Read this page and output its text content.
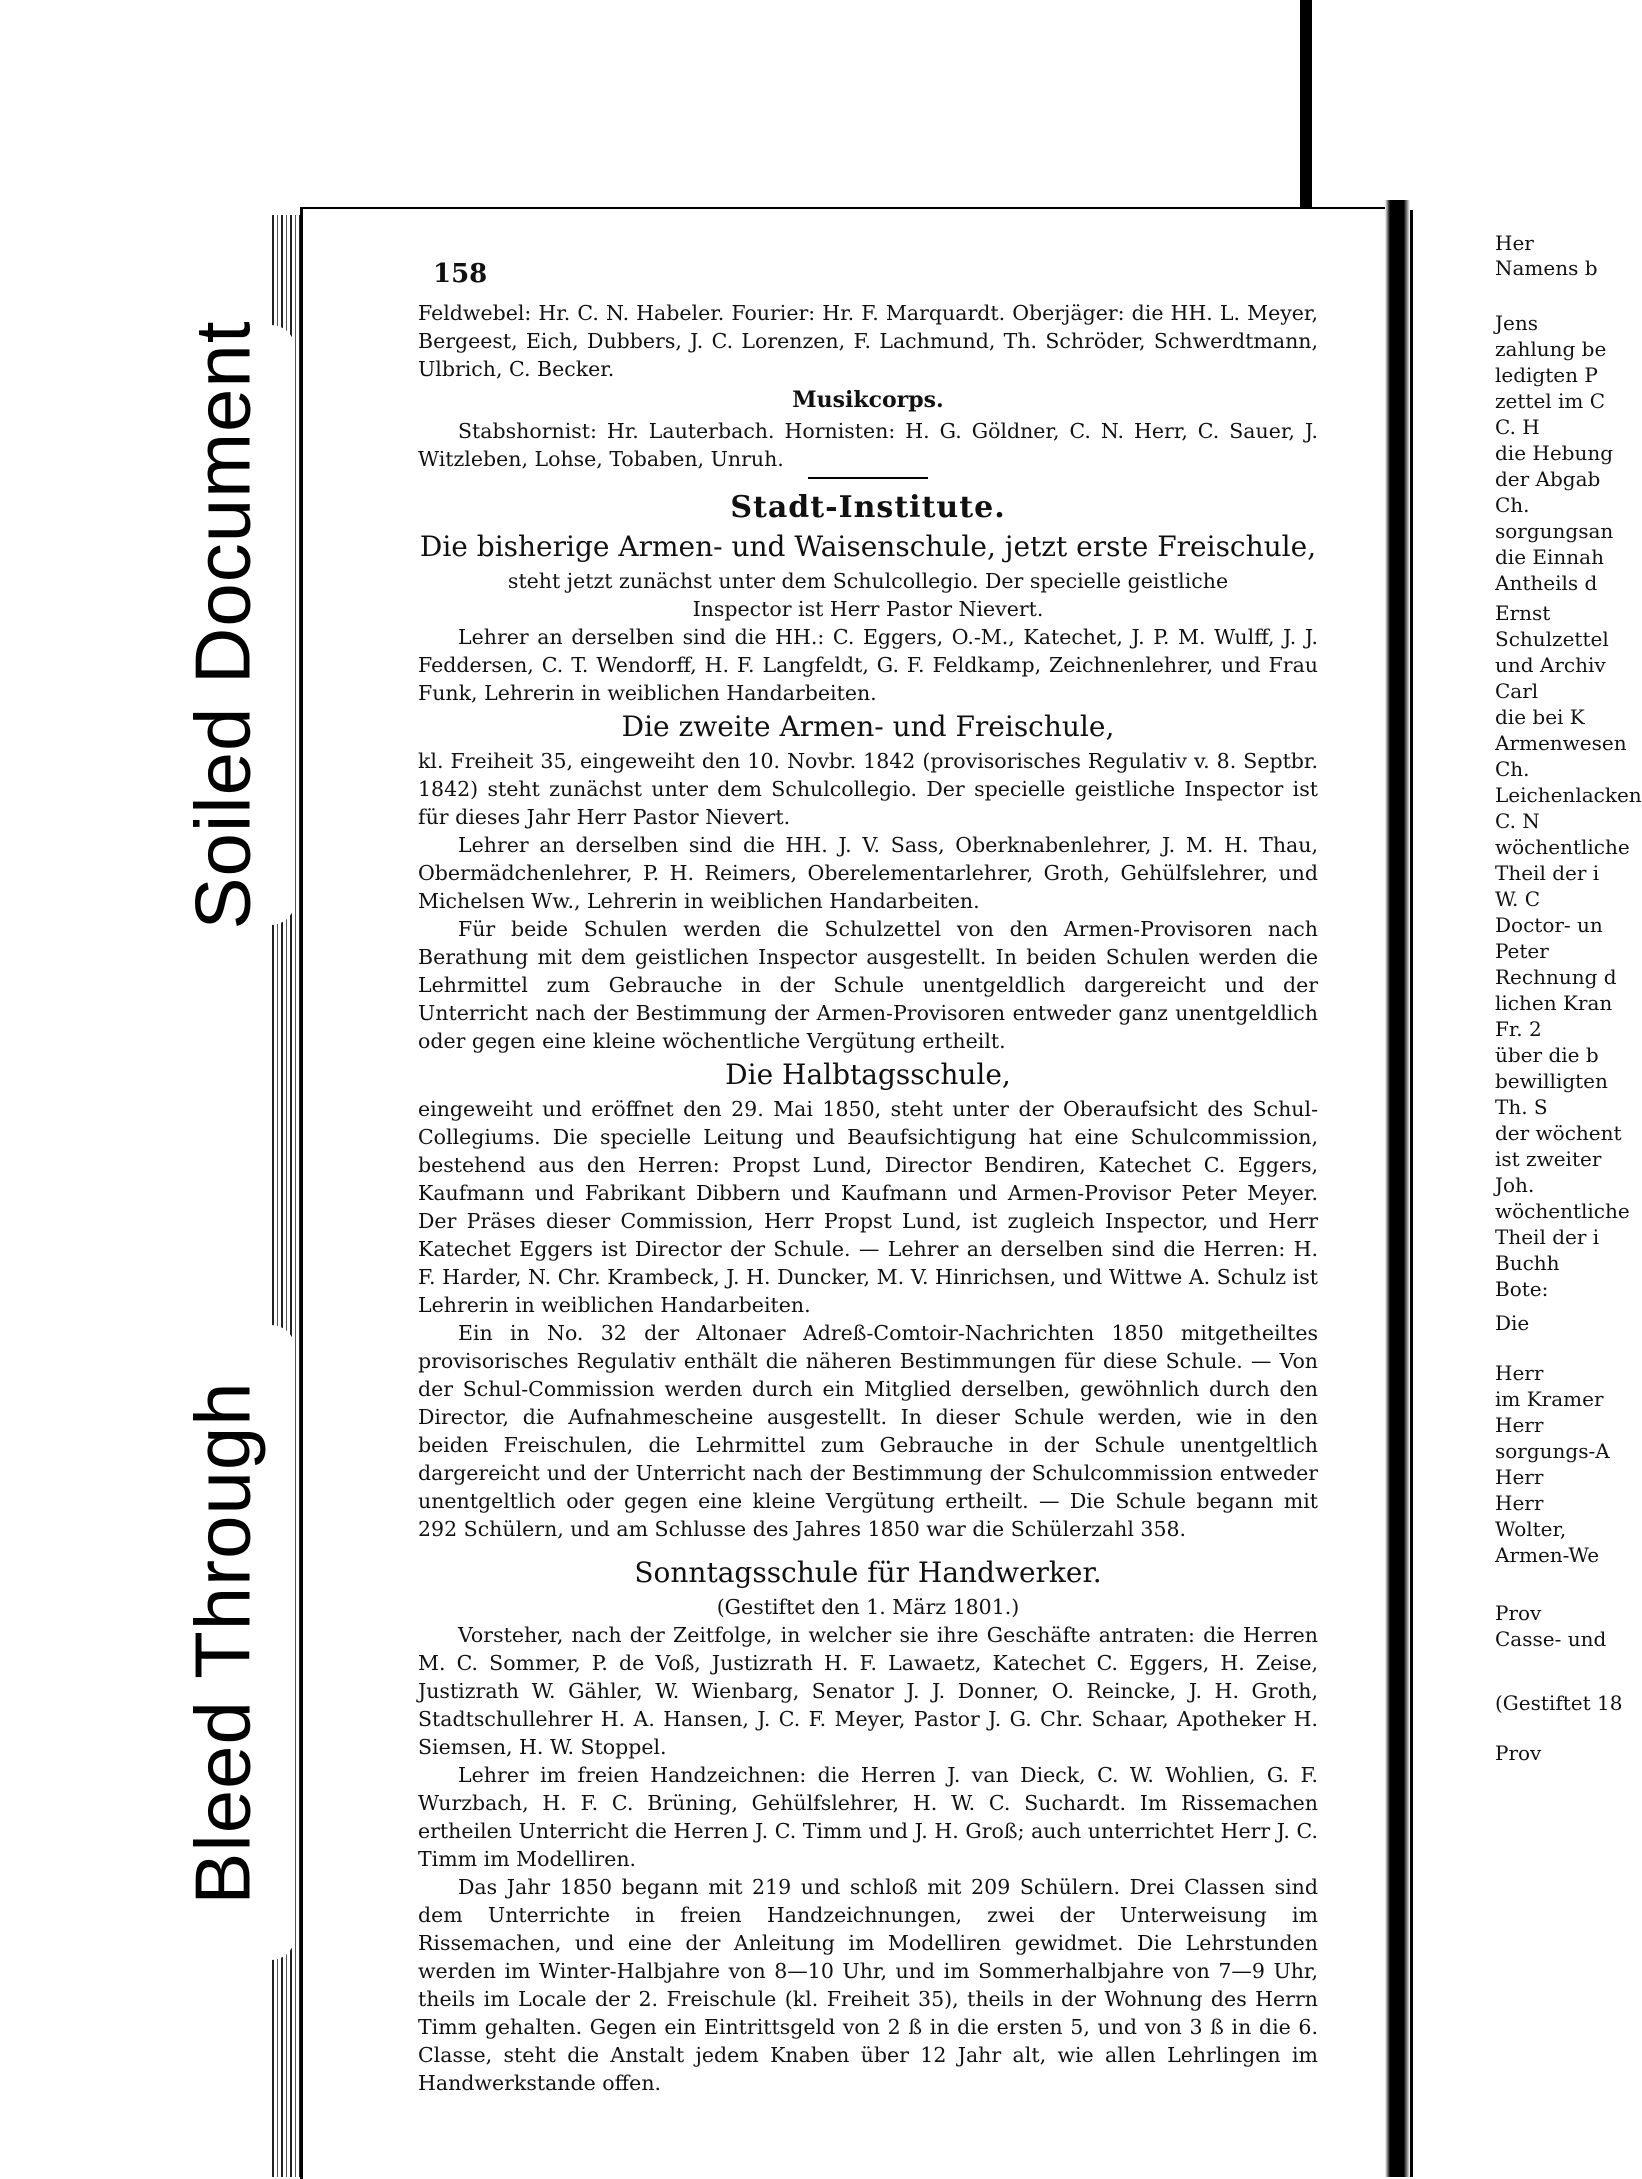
158

Feldwebel: Hr. C. N. Habeler. Fourier: Hr. F. Marquardt. Oberjäger: die HH. L. Meyer, Bergeest, Eich, Dubbers, J. C. Lorenzen, F. Lachmund, Th. Schröder, Schwerdtmann, Ulbrich, C. Becker.

Musikcorps.

Stabshornist: Hr. Lauterbach. Hornisten: H. G. Göldner, C. N. Herr, C. Sauer, J. Witzleben, Lohse, Tobaben, Unruh.

Stadt-Institute.
Die bisherige Armen- und Waisenschule, jetzt erste Freischule,

steht jetzt zunächst unter dem Schulcollegio. Der specielle geistliche Inspector ist Herr Pastor Nievert.

Lehrer an derselben sind die HH.: C. Eggers, O.-M., Katechet, J. P. M. Wulff, J. J. Feddersen, C. T. Wendorff, H. F. Langfeldt, G. F. Feldkamp, Zeichnenlehrer, und Frau Funk, Lehrerin in weiblichen Handarbeiten.

Die zweite Armen- und Freischule,

kl. Freiheit 35, eingeweiht den 10. Novbr. 1842 (provisorisches Regulativ v. 8. Septbr. 1842) steht zunächst unter dem Schulcollegio. Der specielle geistliche Inspector ist für dieses Jahr Herr Pastor Nievert.

Lehrer an derselben sind die HH. J. V. Sass, Oberknabenlehrer, J. M. H. Thau, Obermädchenlehrer, P. H. Reimers, Oberelementarlehrer, Groth, Gehülfslehrer, und Michelsen Ww., Lehrerin in weiblichen Handarbeiten.

Für beide Schulen werden die Schulzettel von den Armen-Provisoren nach Berathung mit dem geistlichen Inspector ausgestellt. In beiden Schulen werden die Lehrmittel zum Gebrauche in der Schule unentgeldlich dargereicht und der Unterricht nach der Bestimmung der Armen-Provisoren entweder ganz unentgeldlich oder gegen eine kleine wöchentliche Vergütung ertheilt.

Die Halbtagsschule,

eingeweiht und eröffnet den 29. Mai 1850, steht unter der Oberaufsicht des Schul-Collegiums. Die specielle Leitung und Beaufsichtigung hat eine Schulcommission, bestehend aus den Herren: Propst Lund, Director Bendiren, Katechet C. Eggers, Kaufmann und Fabrikant Dibbern und Kaufmann und Armen-Provisor Peter Meyer. Der Präses dieser Commission, Herr Propst Lund, ist zugleich Inspector, und Herr Katechet Eggers ist Director der Schule. — Lehrer an derselben sind die Herren: H. F. Harder, N. Chr. Krambeck, J. H. Duncker, M. V. Hinrichsen, und Wittwe A. Schulz ist Lehrerin in weiblichen Handarbeiten.

Ein in No. 32 der Altonaer Adreß-Comtoir-Nachrichten 1850 mitgetheiltes provisorisches Regulativ enthält die näheren Bestimmungen für diese Schule. — Von der Schul-Commission werden durch ein Mitglied derselben, gewöhnlich durch den Director, die Aufnahmescheine ausgestellt. In dieser Schule werden, wie in den beiden Freischulen, die Lehrmittel zum Gebrauche in der Schule unentgeltlich dargereicht und der Unterricht nach der Bestimmung der Schulcommission entweder unentgeltlich oder gegen eine kleine Vergütung ertheilt. — Die Schule begann mit 292 Schülern, und am Schlusse des Jahres 1850 war die Schülerzahl 358.

Sonntagsschule für Handwerker.

(Gestiftet den 1. März 1801.)

Vorsteher, nach der Zeitfolge, in welcher sie ihre Geschäfte antraten: die Herren M. C. Sommer, P. de Voß, Justizrath H. F. Lawaetz, Katechet C. Eggers, H. Zeise, Justizrath W. Gähler, W. Wienbarg, Senator J. J. Donner, O. Reincke, J. H. Groth, Stadtschullehrer H. A. Hansen, J. C. F. Meyer, Pastor J. G. Chr. Schaar, Apotheker H. Siemsen, H. W. Stoppel.

Lehrer im freien Handzeichnen: die Herren J. van Dieck, C. W. Wohlien, G. F. Wurzbach, H. F. C. Brüning, Gehülfslehrer, H. W. C. Suchardt. Im Rissemachen ertheilen Unterricht die Herren J. C. Timm und J. H. Groß; auch unterrichtet Herr J. C. Timm im Modelliren.

Das Jahr 1850 begann mit 219 und schloß mit 209 Schülern. Drei Classen sind dem Unterrichte in freien Handzeichnungen, zwei der Unterweisung im Rissemachen, und eine der Anleitung im Modelliren gewidmet. Die Lehrstunden werden im Winter-Halbjahre von 8—10 Uhr, und im Sommerhalbjahre von 7—9 Uhr, theils im Locale der 2. Freischule (kl. Freiheit 35), theils in der Wohnung des Herrn Timm gehalten. Gegen ein Eintrittsgeld von 2 ß in die ersten 5, und von 3 ß in die 6. Classe, steht die Anstalt jedem Knaben über 12 Jahr alt, wie allen Lehrlingen im Handwerkstande offen.

Her
Namens b
Jens
zahlung be
ledigten P
zettel im C
C. H
die Hebung
der Abgab
Ch.
sorgungsan
die Einnah
Antheils d
Ernst
Schulzettel
und Archiv
Carl
die bei K
Armenwesen
Ch.
Leichenlacken
C. N
wöchentliche
Theil der i
W. C
Doctor- un
Peter
Rechnung d
lichen Kran
Fr. 2
über die b
bewilligten
Th. S
der wöchent
ist zweiter
Joh.
wöchentliche
Theil der i
Buchh
Bote:
Die
Herr
im Kramer
Herr
sorgungs-A
Herr
Herr
Wolter,
Armen-We
Prov
Casse- und
(Gestiftet 18
Prov
Soiled Document
Bleed Through
